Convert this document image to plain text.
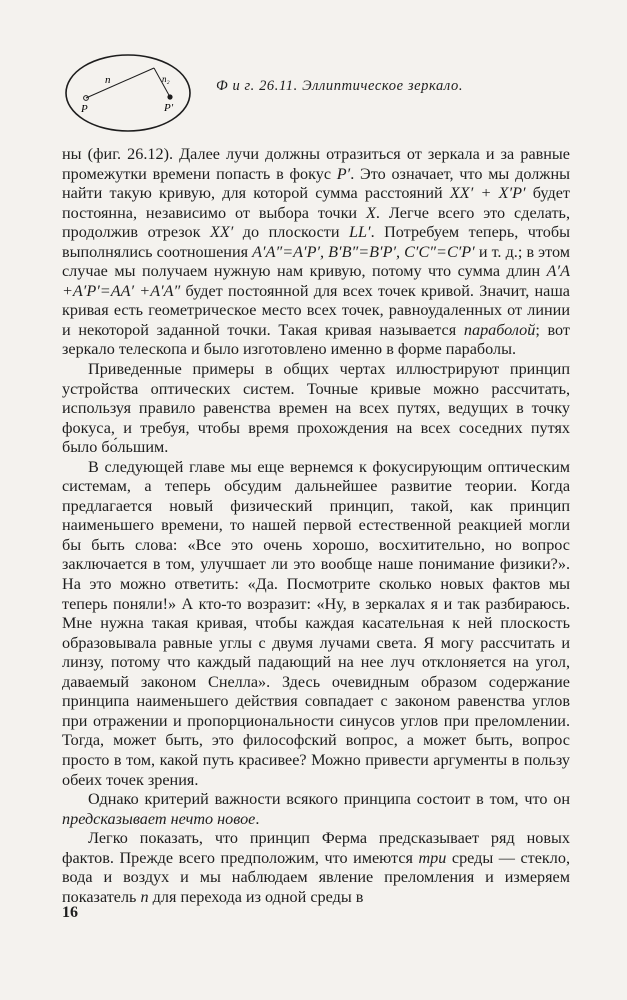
n	n₂
P	P′
Ф и г. 26.11. Эллиптическое зеркало.

ны (фиг. 26.12). Далее лучи должны отразиться от зеркала и за равные промежутки времени попасть в фокус P′. Это означает, что мы должны найти такую кривую, для которой сумма расстояний XX′ + X′P′ будет постоянна, независимо от выбора точки X. Легче всего это сделать, продолжив отрезок XX′ до плоскости LL′. Потребуем теперь, чтобы выполнялись соотношения A′A″=A′P′, B′B″=B′P′, C′C″=C′P′ и т. д.; в этом случае мы получаем нужную нам кривую, потому что сумма длин A′A +A′P′=AA′ +A′A″ будет постоянной для всех точек кривой. Значит, наша кривая есть геометрическое место всех точек, равноудаленных от линии и некоторой заданной точки. Такая кривая называется параболой; вот зеркало телескопа и было изготовлено именно в форме параболы.

Приведенные примеры в общих чертах иллюстрируют принцип устройства оптических систем. Точные кривые можно рассчитать, используя правило равенства времен на всех путях, ведущих в точку фокуса, и требуя, чтобы время прохождения на всех соседних путях было бо́льшим.

В следующей главе мы еще вернемся к фокусирующим оптическим системам, а теперь обсудим дальнейшее развитие теории. Когда предлагается новый физический принцип, такой, как принцип наименьшего времени, то нашей первой естественной реакцией могли бы быть слова: «Все это очень хорошо, восхитительно, но вопрос заключается в том, улучшает ли это вообще наше понимание физики?». На это можно ответить: «Да. Посмотрите сколько новых фактов мы теперь поняли!» А кто-то возразит: «Ну, в зеркалах я и так разбираюсь. Мне нужна такая кривая, чтобы каждая касательная к ней плоскость образовывала равные углы с двумя лучами света. Я могу рассчитать и линзу, потому что каждый падающий на нее луч отклоняется на угол, даваемый законом Снелла». Здесь очевидным образом содержание принципа наименьшего действия совпадает с законом равенства углов при отражении и пропорциональности синусов углов при преломлении. Тогда, может быть, это философский вопрос, а может быть, вопрос просто в том, какой путь красивее? Можно привести аргументы в пользу обеих точек зрения.

Однако критерий важности всякого принципа состоит в том, что он предсказывает нечто новое.

Легко показать, что принцип Ферма предсказывает ряд новых фактов. Прежде всего предположим, что имеются три среды — стекло, вода и воздух и мы наблюдаем явление преломления и измеряем показатель n для перехода из одной среды в

16
